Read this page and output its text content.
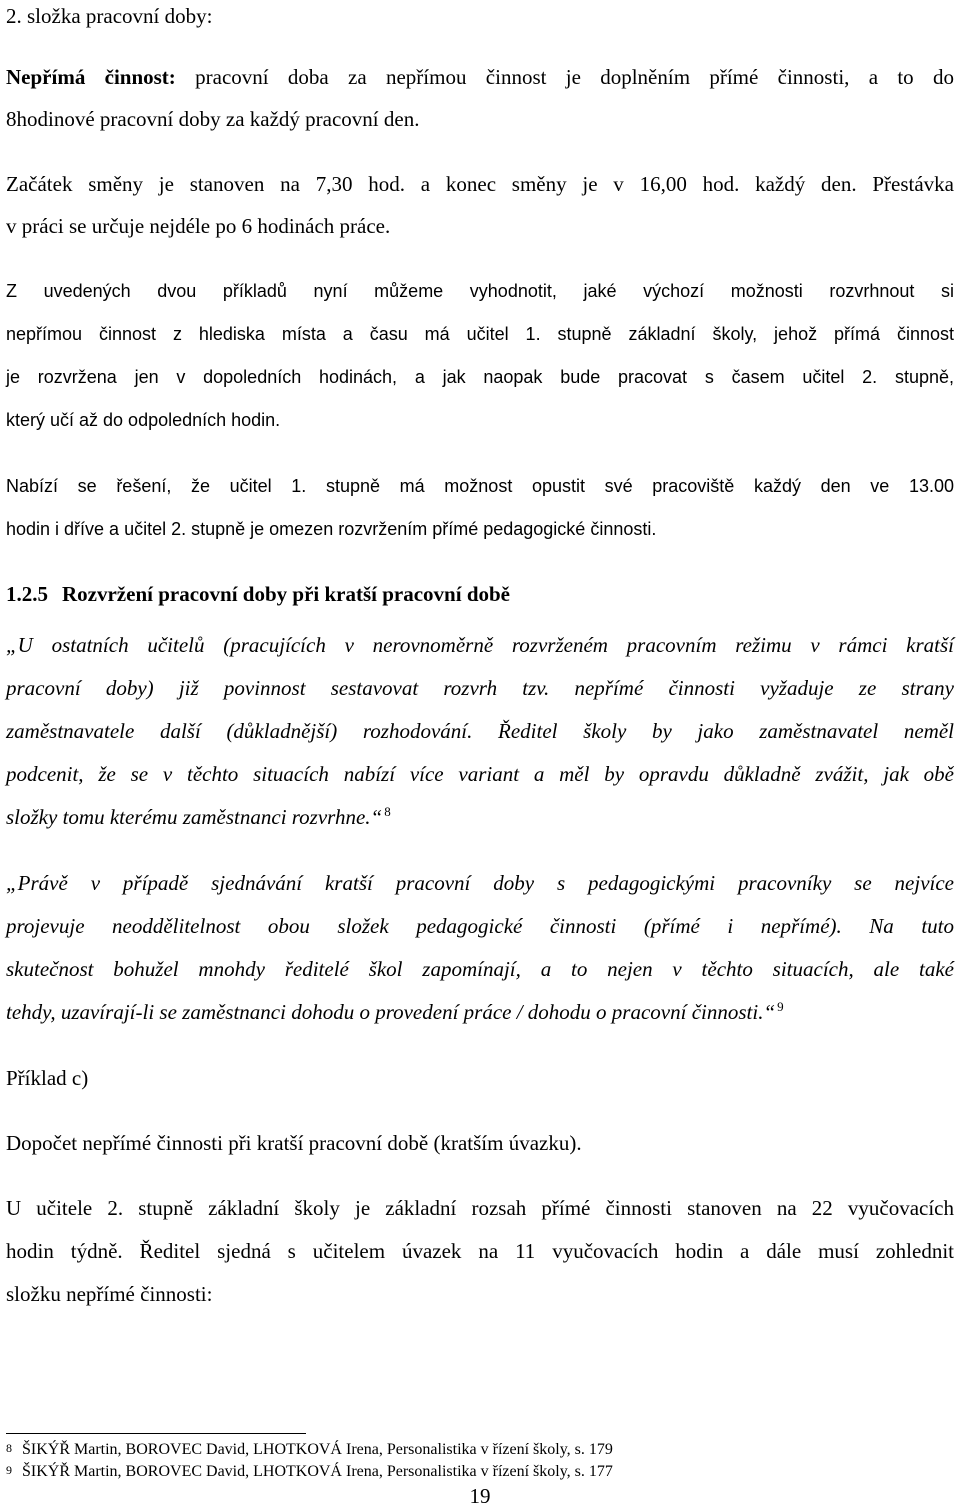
2. složka pracovní doby:
Nepřímá činnost: pracovní doba za nepřímou činnost je doplněním přímé činnosti, a to do
8hodinové pracovní doby za každý pracovní den.
Začátek směny je stanoven na 7,30 hod. a konec směny je v 16,00 hod. každý den. Přestávka
v práci se určuje nejdéle po 6 hodinách práce.
Z uvedených dvou příkladů nyní můžeme vyhodnotit, jaké výchozí možnosti rozvrhnout si
nepřímou činnost z hlediska místa a času má učitel 1. stupně základní školy, jehož přímá činnost
je rozvržena jen v dopoledních hodinách, a jak naopak bude pracovat s časem učitel 2. stupně,
který učí až do odpoledních hodin.
Nabízí se řešení, že učitel 1. stupně má možnost opustit své pracoviště každý den ve 13.00
hodin i dříve a učitel 2. stupně je omezen rozvržením přímé pedagogické činnosti.
1.2.5 Rozvržení pracovní doby při kratší pracovní době
„U ostatních učitelů (pracujících v nerovnoměrně rozvrženém pracovním režimu v rámci kratší
pracovní doby) již povinnost sestavovat rozvrh tzv. nepřímé činnosti vyžaduje ze strany
zaměstnavatele další (důkladnější) rozhodování. Ředitel školy by jako zaměstnavatel neměl
podcenit, že se v těchto situacích nabízí více variant a měl by opravdu důkladně zvážit, jak obě
složky tomu kterému zaměstnanci rozvrhne.“ $^8$
„Právě v případě sjednávání kratší pracovní doby s pedagogickými pracovníky se nejvíce
projevuje neoddělitelnost obou složek pedagogické činnosti (přímé i nepřímé). Na tuto
skutečnost bohužel mnohdy ředitelé škol zapomínají, a to nejen v těchto situacích, ale také
tehdy, uzavírají-li se zaměstnanci dohodu o provedení práce / dohodu o pracovní činnosti.“ $^9$
Příklad c)
Dopočet nepřímé činnosti při kratší pracovní době (kratším úvazku).
U učitele 2. stupně základní školy je základní rozsah přímé činnosti stanoven na 22 vyučovacích
hodin týdně. Ředitel sjedná s učitelem úvazek na 11 vyučovacích hodin a dále musí zohlednit
složku nepřímé činnosti:
8 ŠIKÝŘ Martin, BOROVEC David, LHOTKOVÁ Irena, Personalistika v řízení školy, s. 179
9 ŠIKÝŘ Martin, BOROVEC David, LHOTKOVÁ Irena, Personalistika v řízení školy, s. 177
19
